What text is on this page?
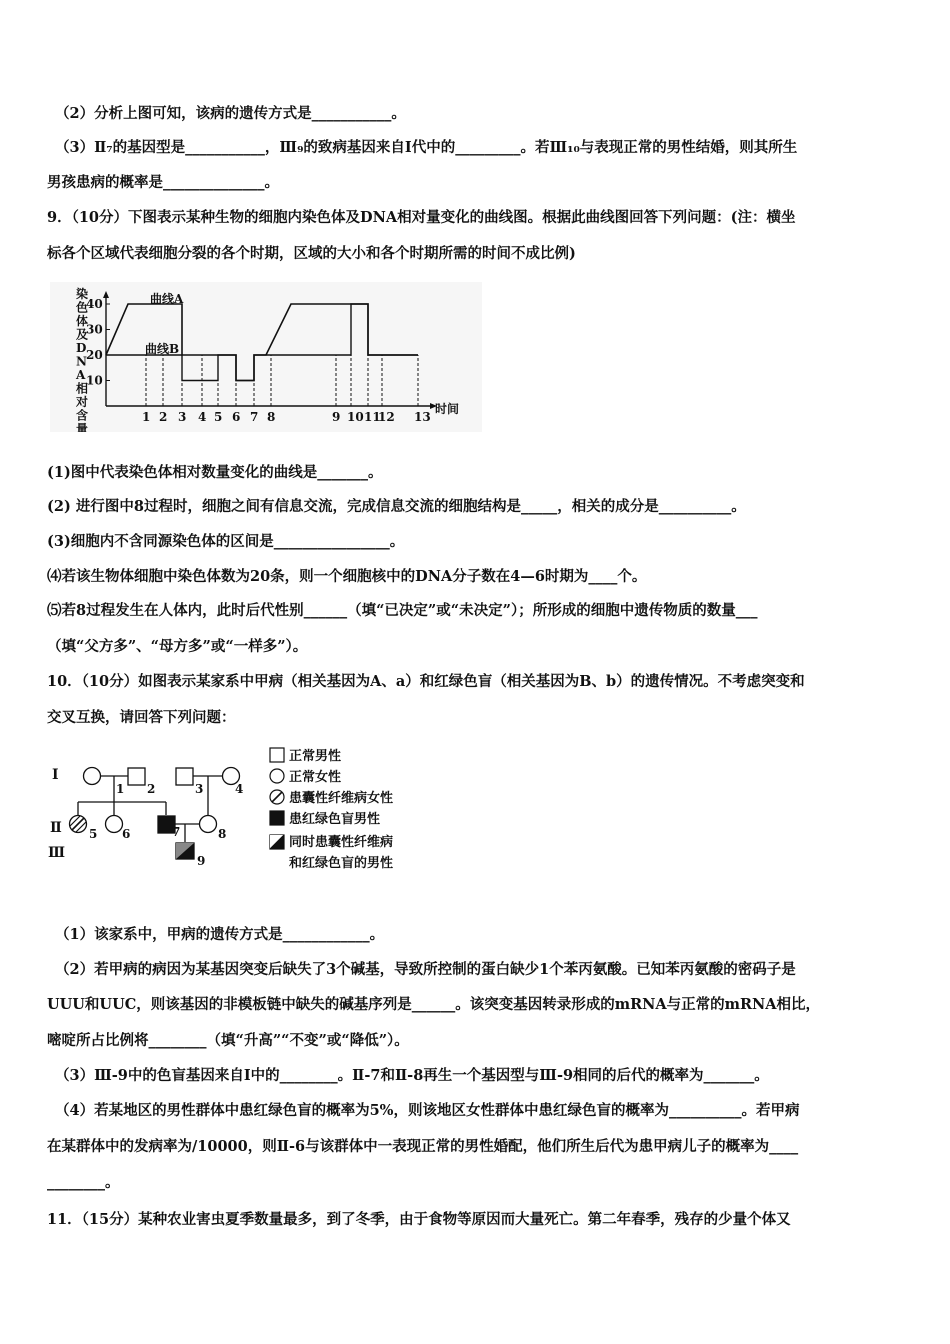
（2）分析上图可知，该病的遗传方式是___________。
（3）Ⅱ₇的基因型是___________，Ⅲ₉的致病基因来自Ⅰ代中的_________。若Ⅲ₁₀与表现正常的男性结婚，则其所生
男孩患病的概率是______________。
9．（10分）下图表示某种生物的细胞内染色体及DNA相对量变化的曲线图。根据此曲线图回答下列问题：(注：横坐
标各个区域代表细胞分裂的各个时期，区域的大小和各个时期所需的时间不成比例)
10
20
30
40
1 2 3 4 5 6 7 8	9 10 11
12 13
染
色
体
及
D
N
A
相
对
含
量
曲线A
曲线B
时间
(1)图中代表染色体相对数量变化的曲线是_______。
(2) 进行图中8过程时，细胞之间有信息交流，完成信息交流的细胞结构是_____，相关的成分是__________。
(3)细胞内不含同源染色体的区间是________________。
⑷若该生物体细胞中染色体数为20条，则一个细胞核中的DNA分子数在4—6时期为____个。
⑸若8过程发生在人体内，此时后代性别______（填“已决定”或“未决定”）；所形成的细胞中遗传物质的数量___
（填“父方多”、“母方多”或“一样多”）。
10．（10分）如图表示某家系中甲病（相关基因为A、a）和红绿色盲（相关基因为B、b）的遗传情况。不考虑突变和
交叉互换，请回答下列问题：
Ⅰ
Ⅱ
Ⅲ
1 2	3	4
5 6	7	8
9
正常男性
正常女性
患囊性纤维病女性
患红绿色盲男性
同时患囊性纤维病
和红绿色盲的男性
（1）该家系中，甲病的遗传方式是____________。
（2）若甲病的病因为某基因突变后缺失了3个碱基，导致所控制的蛋白缺少1个苯丙氨酸。已知苯丙氨酸的密码子是
UUU和UUC，则该基因的非模板链中缺失的碱基序列是______。该突变基因转录形成的mRNA与正常的mRNA相比，
嘧啶所占比例将________（填“升高”“不变”或“降低”）。
（3）Ⅲ-9中的色盲基因来自Ⅰ中的________。Ⅱ-7和Ⅱ-8再生一个基因型与Ⅲ-9相同的后代的概率为_______。
（4）若某地区的男性群体中患红绿色盲的概率为5%，则该地区女性群体中患红绿色盲的概率为__________。若甲病
在某群体中的发病率为/10000，则Ⅱ-6与该群体中一表现正常的男性婚配，他们所生后代为患甲病儿子的概率为____
________。
11．（15分）某种农业害虫夏季数量最多，到了冬季，由于食物等原因而大量死亡。第二年春季，残存的少量个体又
